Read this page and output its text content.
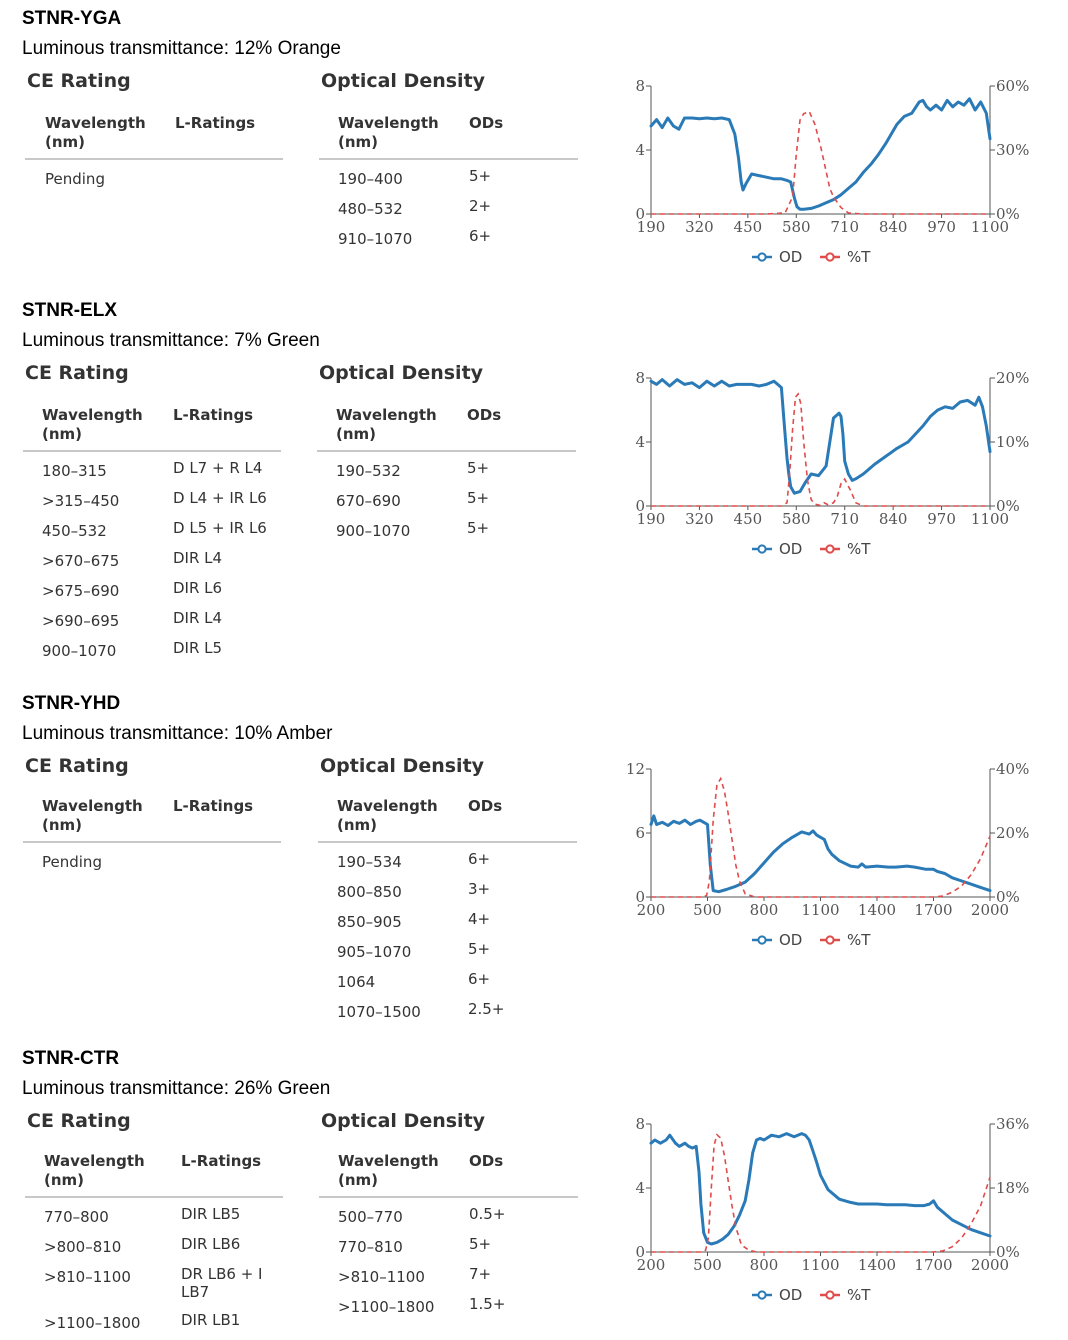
STNR-YGA
Luminous transmittance: 12% Orange
CE Rating	Optical Density
Wavelength (nm)
L-Ratings
Pending
Wavelength (nm)
ODs
190–400	5+
480–532	2+
910–1070	6+	190 320 450 580 710 840 970 1100
0
4
8
0%
30%
60%
OD	%T
STNR-ELX
Luminous transmittance: 7% Green
CE Rating	Optical Density
Wavelength (nm)
L-Ratings
180–315	D L7 + R L4
>315–450	D L4 + IR L6
450–532	D L5 + IR L6
>670–675	DIR L4
>675–690	DIR L6
>690–695	DIR L4
900–1070	DIR L5
Wavelength (nm)
ODs
190–532	5+
670–690	5+
900–1070	5+	190 320 450 580 710 840 970 1100
0
4
8
0%
10%
20%
OD	%T
STNR-YHD
Luminous transmittance: 10% Amber
CE Rating	Optical Density
Wavelength (nm)
L-Ratings
Pending
Wavelength (nm)
ODs
190–534	6+
800–850	3+
850–905	4+
905–1070	5+
1064	6+
1070–1500	2.5+
200 500 800 1100 1400 1700 2000
0
6
12
0%
20%
40%
OD	%T
STNR-CTR
Luminous transmittance: 26% Green
CE Rating	Optical Density
Wavelength (nm)
L-Ratings
770–800	DIR LB5
>800–810	DIR LB6
>810–1100	DR LB6 + I LB7
>1100–1800	DIR LB1
Wavelength (nm)
ODs
500–770	0.5+
770–810	5+
>810–1100	7+
>1100–1800 1.5+
200 500 800 1100 1400 1700 2000
0
4
8
0%
18%
36%
OD	%T
